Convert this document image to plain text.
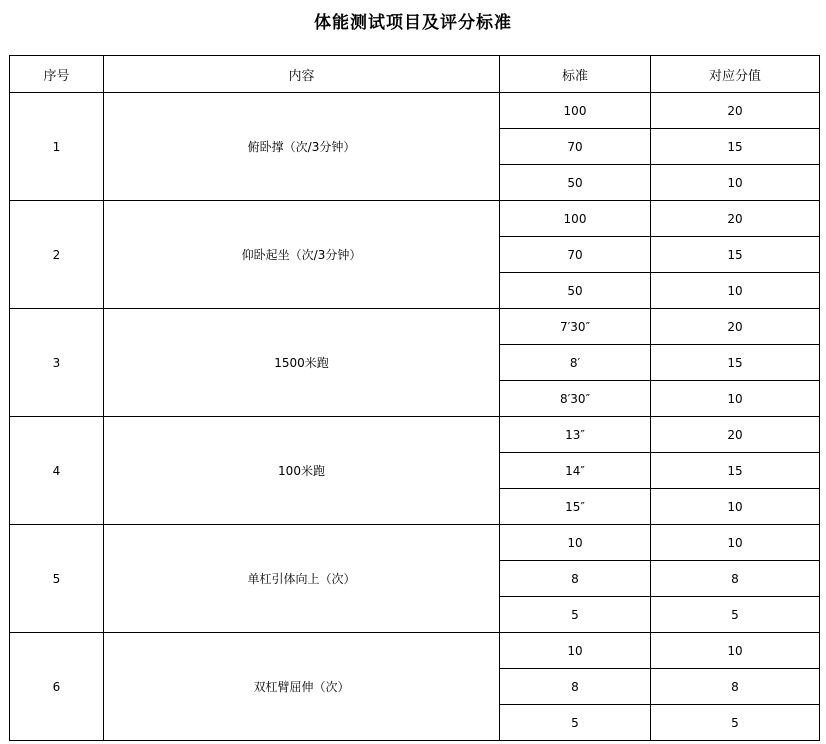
体能测试项目及评分标准
序号	内容	标准	对应分值
1	俯卧撑（次/3分钟）	100	20
		70	15
		50	10
2	仰卧起坐（次/3分钟）	100	20
		70	15
		50	10
3	1500米跑	7′30″	20
		8′	15
		8′30″	10
4	100米跑	13″	20
		14″	15
		15″	10
5	单杠引体向上（次）	10	10
		8	8
		5	5
6	双杠臂屈伸（次）	10	10
		8	8
		5	5
